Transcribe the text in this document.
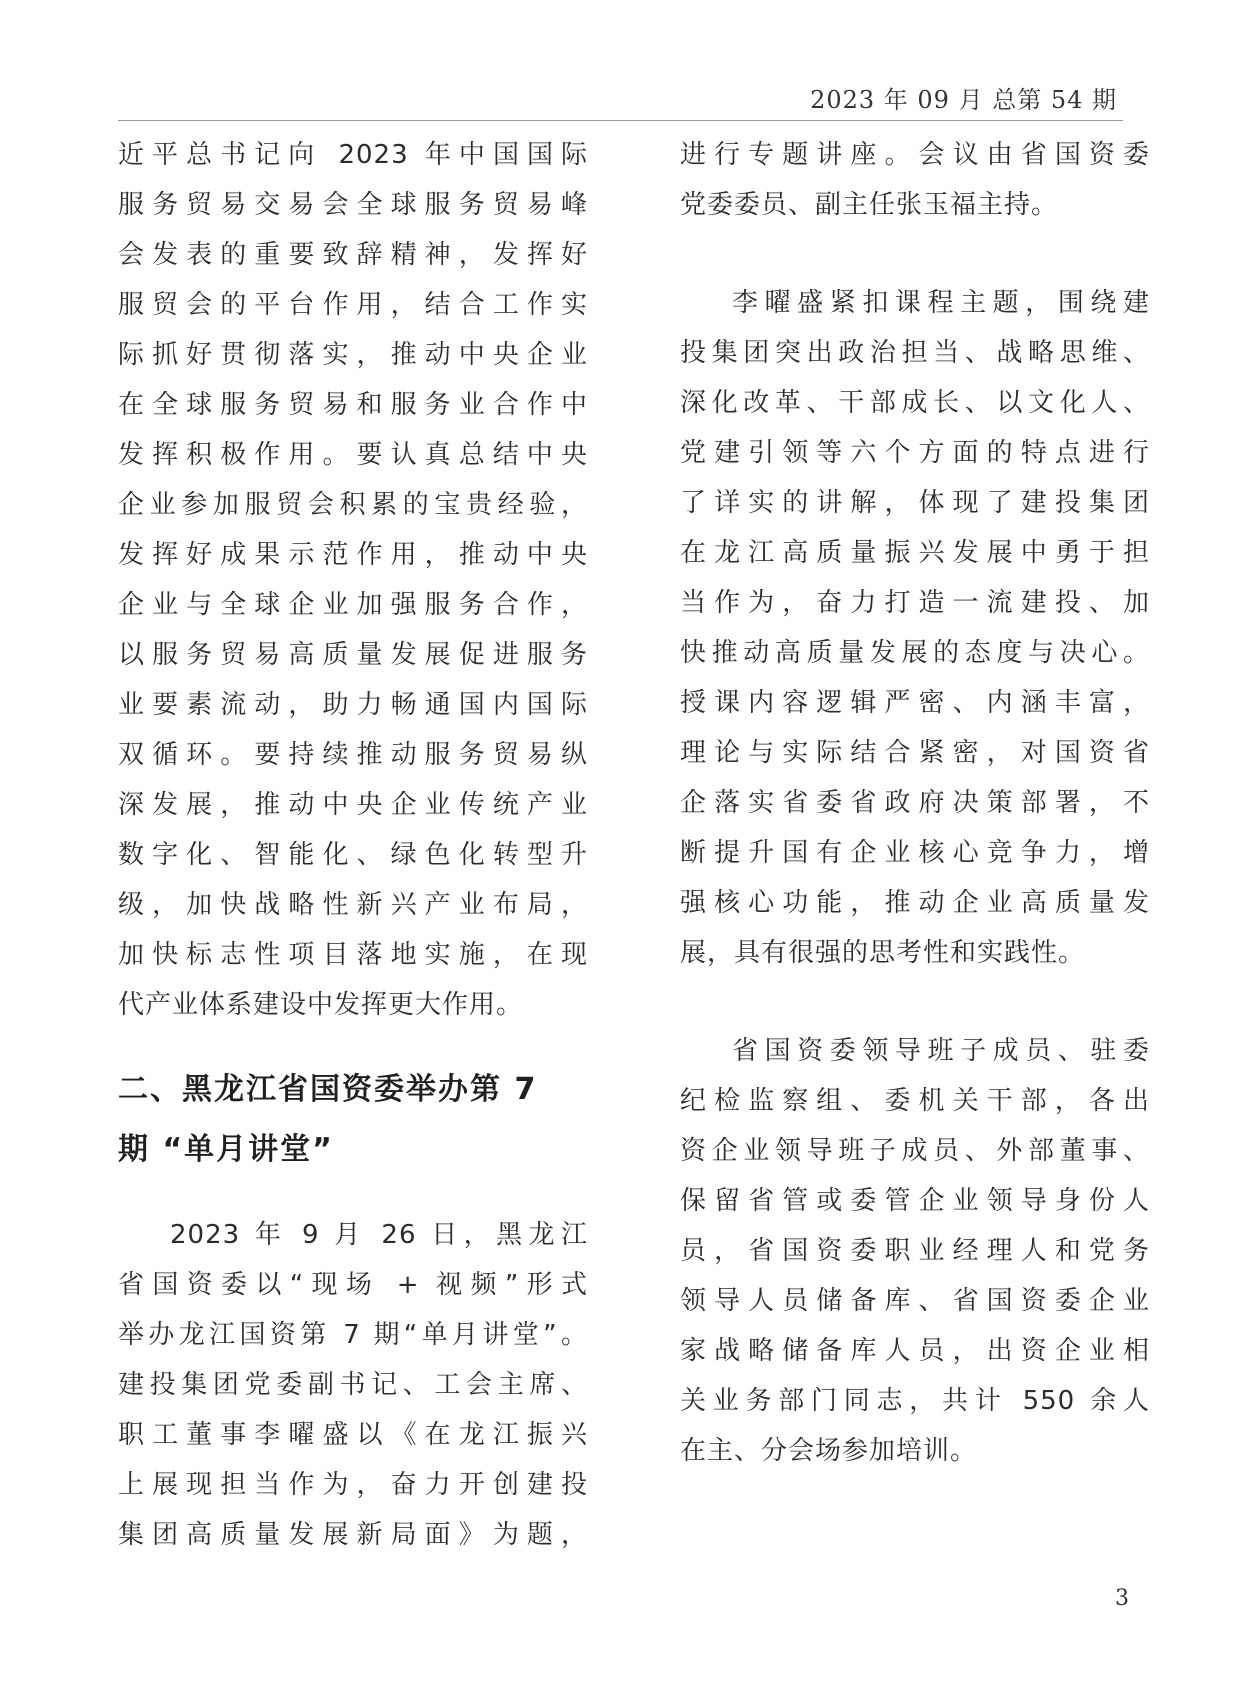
2023 年 09 月 总第 54 期
近平总书记向 2023 年中国国际
服务贸易交易会全球服务贸易峰
会发表的重要致辞精神，发挥好
服贸会的平台作用，结合工作实
际抓好贯彻落实，推动中央企业
在全球服务贸易和服务业合作中
发挥积极作用。要认真总结中央
企业参加服贸会积累的宝贵经验，
发挥好成果示范作用，推动中央
企业与全球企业加强服务合作，
以服务贸易高质量发展促进服务
业要素流动，助力畅通国内国际
双循环。要持续推动服务贸易纵
深发展，推动中央企业传统产业
数字化、智能化、绿色化转型升
级，加快战略性新兴产业布局，
加快标志性项目落地实施，在现
代产业体系建设中发挥更大作用。
二、黑龙江省国资委举办第 7
期 “单月讲堂”
2023 年 9 月 26 日，黑龙江
省国资委以“现场 + 视频”形式
举办龙江国资第 7 期“单月讲堂”。
建投集团党委副书记、工会主席、
职工董事李曜盛以《在龙江振兴
上展现担当作为，奋力开创建投
集团高质量发展新局面》为题，
进行专题讲座。会议由省国资委
党委委员、副主任张玉福主持。
李曜盛紧扣课程主题，围绕建
投集团突出政治担当、战略思维、
深化改革、干部成长、以文化人、
党建引领等六个方面的特点进行
了详实的讲解，体现了建投集团
在龙江高质量振兴发展中勇于担
当作为，奋力打造一流建投、加
快推动高质量发展的态度与决心。
授课内容逻辑严密、内涵丰富，
理论与实际结合紧密，对国资省
企落实省委省政府决策部署，不
断提升国有企业核心竞争力，增
强核心功能，推动企业高质量发
展，具有很强的思考性和实践性。
省国资委领导班子成员、驻委
纪检监察组、委机关干部，各出
资企业领导班子成员、外部董事、
保留省管或委管企业领导身份人
员，省国资委职业经理人和党务
领导人员储备库、省国资委企业
家战略储备库人员，出资企业相
关业务部门同志，共计 550 余人
在主、分会场参加培训。
3
